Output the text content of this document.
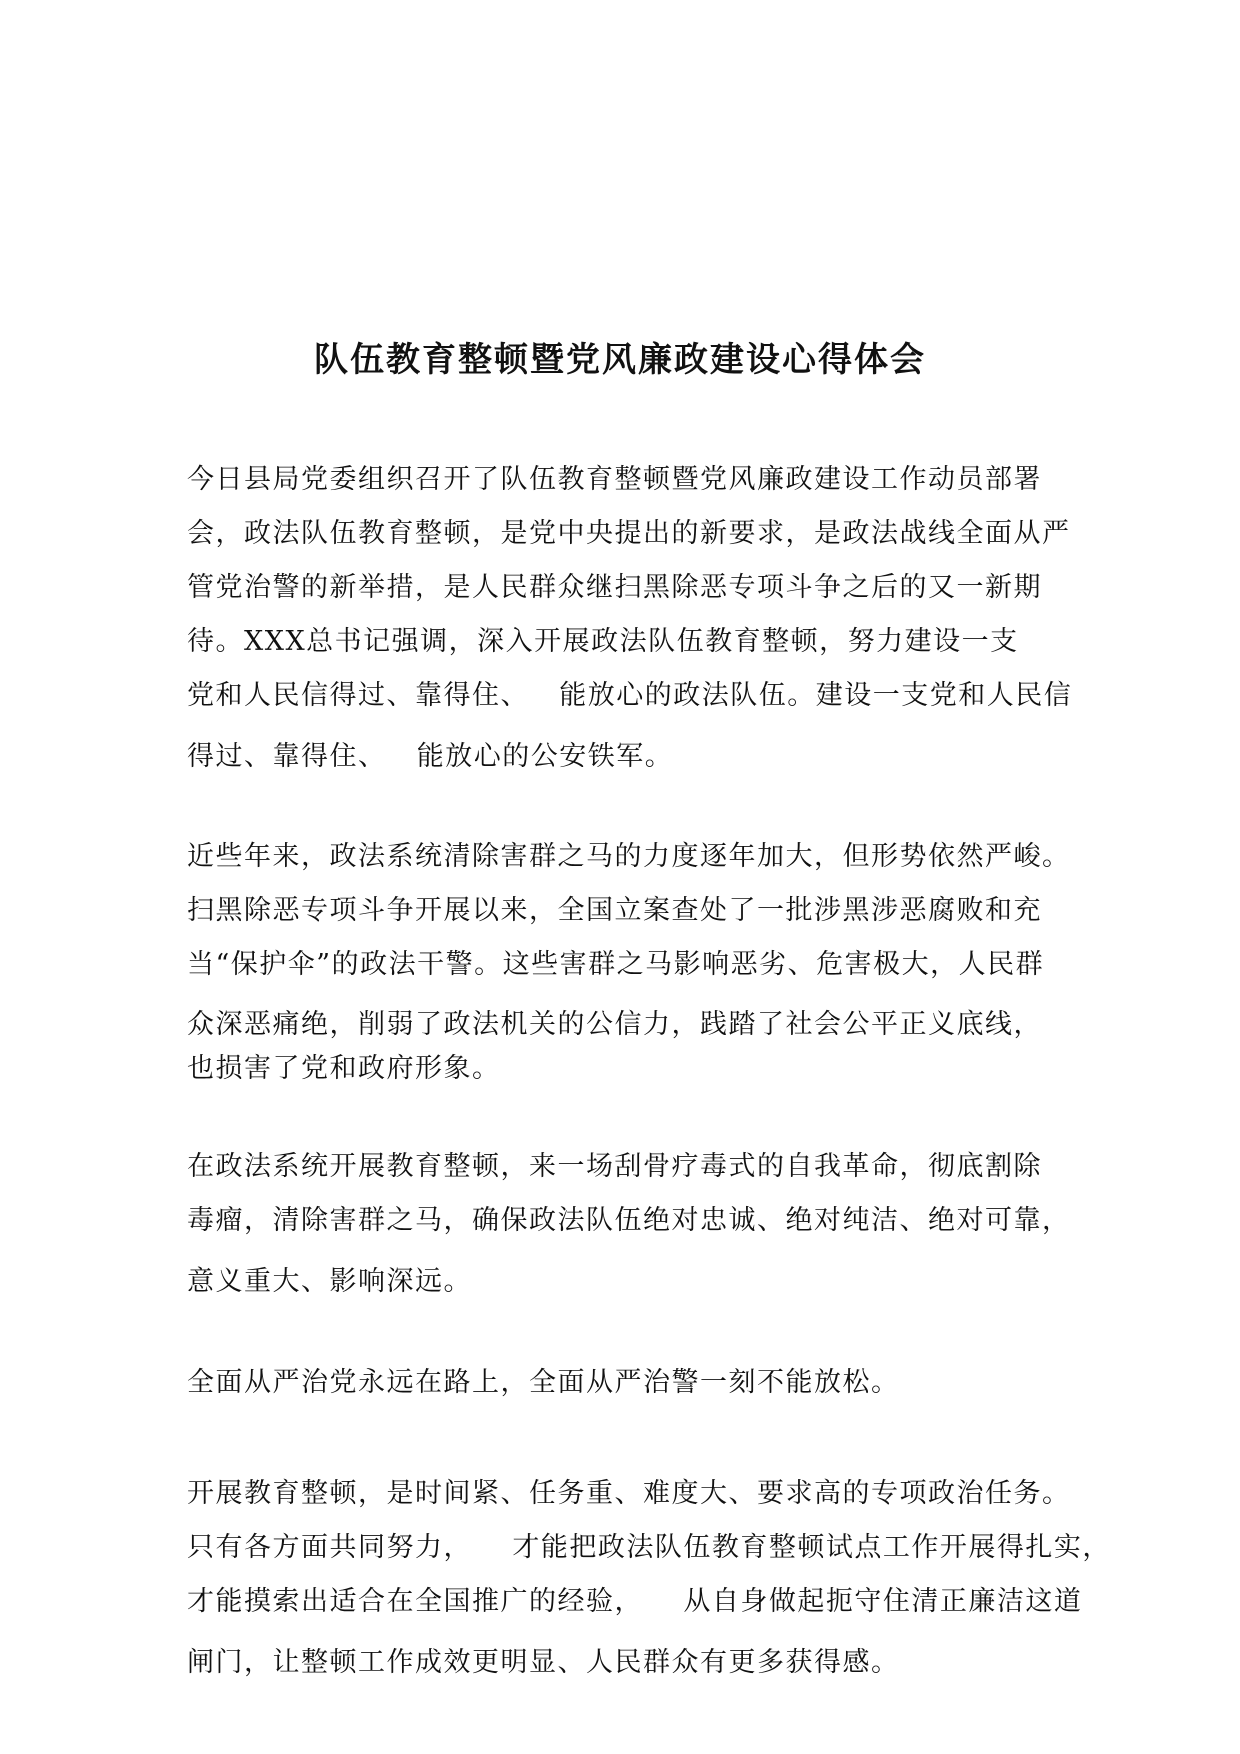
队伍教育整顿暨党风廉政建设心得体会
今日县局党委组织召开了队伍教育整顿暨党风廉政建设工作动员部署
会，政法队伍教育整顿，是党中央提出的新要求，是政法战线全面从严
管党治警的新举措，是人民群众继扫黑除恶专项斗争之后的又一新期
待。XXX总书记强调，深入开展政法队伍教育整顿，努力建设一支
党和人民信得过、靠得住、   能放心的政法队伍。建设一支党和人民信
得过、靠得住、   能放心的公安铁军。
近些年来，政法系统清除害群之马的力度逐年加大，但形势依然严峻。
扫黑除恶专项斗争开展以来，全国立案查处了一批涉黑涉恶腐败和充
当“保护伞”的政法干警。这些害群之马影响恶劣、危害极大，人民群
众深恶痛绝，削弱了政法机关的公信力，践踏了社会公平正义底线，
也损害了党和政府形象。
在政法系统开展教育整顿，来一场刮骨疗毒式的自我革命，彻底割除
毒瘤，清除害群之马，确保政法队伍绝对忠诚、绝对纯洁、绝对可靠，
意义重大、影响深远。
全面从严治党永远在路上，全面从严治警一刻不能放松。
开展教育整顿，是时间紧、任务重、难度大、要求高的专项政治任务。
只有各方面共同努力，    才能把政法队伍教育整顿试点工作开展得扎实，
才能摸索出适合在全国推广的经验，    从自身做起扼守住清正廉洁这道
闸门，让整顿工作成效更明显、人民群众有更多获得感。
